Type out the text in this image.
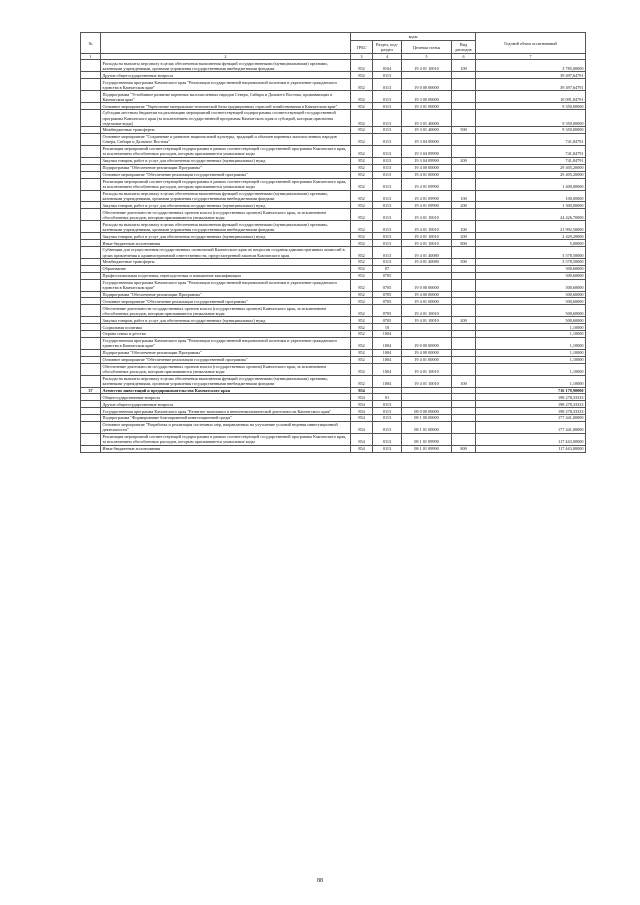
№		коды				Годовой объем ассигнований
		ГРБС	Раздел, под-раздел	Целевая статья	Вид расходов	
1	2	3	4	5	6	7
	Расходы на выплаты персоналу в целях обеспечения выполнения функций государственными (муниципальными) органами, казенными учреждениями, органами управления государственными внебюджетными фондами	852	0104	19 4 01 10010	100	3 785,00000
	Другие общегосударственные вопросы	852	0113			39 497,64791
	Государственная программа Камчатского края "Реализация государственной национальной политики и укрепление гражданского единства в Камчатском крае"	852	0113	19 0 00 00000		39 497,64791
	Подпрограмма "Устойчивое развитие коренных малочисленных народов Севера, Сибири и Дальнего Востока, проживающих в Камчатском крае"	852	0113	19 3 00 00000		10 091,84791
	Основное мероприятие "Укрепление материально-технической базы традиционных отраслей хозяйствования в Камчатском крае"	852	0113	19 3 01 00000		9 350,00000
	Субсидии местным бюджетам на реализацию мероприятий соответствующей подпрограммы соответствующей государственной программы Камчатского края (за исключением государственной программы Камчатского края и субсидий, которым присвоены отдельные коды)	852	0113	19 3 01 40000		9 350,00000
	Межбюджетные трансферты	852	0113	19 3 01 40000	500	9 350,00000
	Основное мероприятие "Сохранение и развитие национальной культуры, традиций и обычаев коренных малочисленных народов Севера, Сибири и Дальнего Востока"	852	0113	19 3 04 00000		741,84791
	Реализация мероприятий соответствующей подпрограммы в рамках соответствующей государственной программы Камчатского края, за исключением обособленных расходов, которым присваиваются уникальные коды	852	0113	19 3 04 09990		741,84791
	Закупка товаров, работ и услуг для обеспечения государственных (муниципальных) нужд	852	0113	19 3 04 09990	200	741,84791
	Подпрограмма "Обеспечение реализации Программы"	852	0113	19 4 00 00000		29 405,20000
	Основное мероприятие "Обеспечение реализации государственной программы"	852	0113	19 4 01 00000		29 405,20000
	Реализация мероприятий соответствующей подпрограммы в рамках соответствующей государственной программы Камчатского края, за исключением обособленных расходов, которым присваиваются уникальные коды	852	0113	19 4 01 09990		1 400,00000
	Расходы на выплаты персоналу в целях обеспечения выполнения функций государственными (муниципальными) органами, казенными учреждениями, органами управления государственными внебюджетными фондами	852	0113	19 4 01 09990	100	100,00000
	Закупка товаров, работ и услуг для обеспечения государственных (муниципальных) нужд	852	0113	19 4 01 09990	200	1 300,00000
	Обеспечение деятельности государственных органов власти (государственных органов) Камчатского края, за исключением обособленных расходов, которым присваиваются уникальные коды	852	0113	19 4 01 10010		24 426,70000
	Расходы на выплаты персоналу в целях обеспечения выполнения функций государственными (муниципальными) органами, казенными учреждениями, органами управления государственными внебюджетными фондами	852	0113	19 4 01 10010	100	21 992,50000
	Закупка товаров, работ и услуг для обеспечения государственных (муниципальных) нужд	852	0113	19 4 01 10010	200	2 429,20000
	Иные бюджетные ассигнования	852	0113	19 4 01 10010	800	5,00000
	Субвенции для осуществления государственных полномочий Камчатского края по вопросам создания административных комиссий в целях привлечения к административной ответственности, предусмотренной законом Камчатского края	852	0113	19 4 01 40080		3 578,50000
	Межбюджетные трансферты	852	0113	19 4 01 40080	500	3 578,50000
	Образование	852	07			500,60000
	Профессиональная подготовка, переподготовка и повышение квалификации	852	0705			500,60000
	Государственная программа Камчатского края "Реализация государственной национальной политики и укрепление гражданского единства в Камчатском крае"	852	0705	19 0 00 00000		500,60000
	Подпрограмма "Обеспечение реализации Программы"	852	0705	19 4 00 00000		500,60000
	Основное мероприятие "Обеспечение реализации государственной программы"	852	0705	19 4 01 00000		500,60000
	Обеспечение деятельности государственных органов власти (государственных органов) Камчатского края, за исключением обособленных расходов, которым присваиваются уникальные коды	852	0705	19 4 01 10010		500,60000
	Закупка товаров, работ и услуг для обеспечения государственных (муниципальных) нужд	852	0705	19 4 01 10010	200	500,60000
	Социальная политика	852	10			1,10000
	Охрана семьи и детства	852	1004			1,10000
	Государственная программа Камчатского края "Реализация государственной национальной политики и укрепление гражданского единства в Камчатском крае"	852	1004	19 0 00 00000		1,10000
	Подпрограмма "Обеспечение реализации Программы"	852	1004	19 4 00 00000		1,10000
	Основное мероприятие "Обеспечение реализации государственной программы"	852	1004	19 4 01 00000		1,10000
	Обеспечение деятельности государственных органов власти (государственных органов) Камчатского края, за исключением обособленных расходов, которым присваиваются уникальные коды	852	1004	19 4 01 10010		1,10000
	Расходы на выплаты персоналу в целях обеспечения выполнения функций государственными (муниципальными) органами, казенными учреждениями, органами управления государственными внебюджетными фондами	852	1004	19 4 01 10010	100	1,10000
37	Агентство инвестиций и предпринимательства Камчатского края	854				716 179,90000
	Общегосударственные вопросы	854	01			198 278,33333
	Другие общегосударственные вопросы	854	0113			198 278,33333
	Государственная программа Камчатского края "Развитие экономики и внешнеэкономической деятельности Камчатского края"	854	0113	08 0 00 00000		198 278,33333
	Подпрограмма "Формирование благоприятной инвестиционной среды"	854	0113	08 1 00 00000		177 441,00000
	Основное мероприятие "Разработка и реализация системных мер, направленных на улучшение условий ведения инвестиционной деятельности"	854	0113	08 1 01 00000		177 441,00000
	Реализация мероприятий соответствующей подпрограммы в рамках соответствующей государственной программы Камчатского края, за исключением обособленных расходов, которым присваиваются уникальные коды	854	0113	08 1 01 09990		117 443,00000
	Иные бюджетные ассигнования	854	0113	08 1 01 09990	800	117 443,00000
88
